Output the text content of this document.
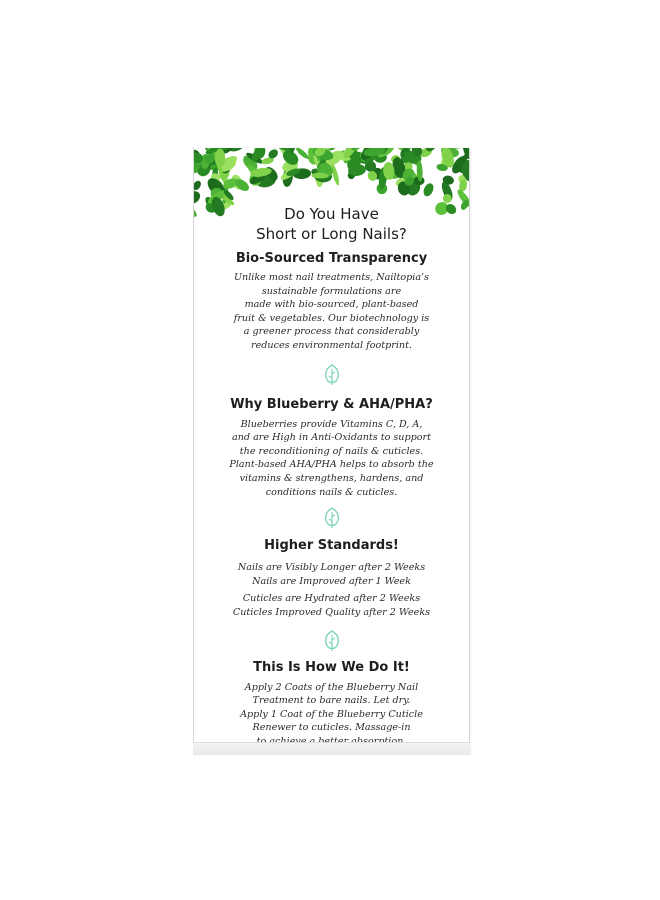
Do You Have
Short or Long Nails?

Bio-Sourced Transparency

Unlike most nail treatments, Nailtopia’s
sustainable formulations are
made with bio-sourced, plant-based
fruit & vegetables. Our biotechnology is
a greener process that considerably
reduces environmental footprint.

Why Blueberry & AHA/PHA?

Blueberries provide Vitamins C, D, A,
and are High in Anti-Oxidants to support
the reconditioning of nails & cuticles.
Plant-based AHA/PHA helps to absorb the
vitamins & strengthens, hardens, and
conditions nails & cuticles.

Higher Standards!

Nails are Visibly Longer after 2 Weeks
Nails are Improved after 1 Week
Cuticles are Hydrated after 2 Weeks
Cuticles Improved Quality after 2 Weeks

This Is How We Do It!

Apply 2 Coats of the Blueberry Nail
Treatment to bare nails. Let dry.
Apply 1 Coat of the Blueberry Cuticle
Renewer to cuticles. Massage-in
